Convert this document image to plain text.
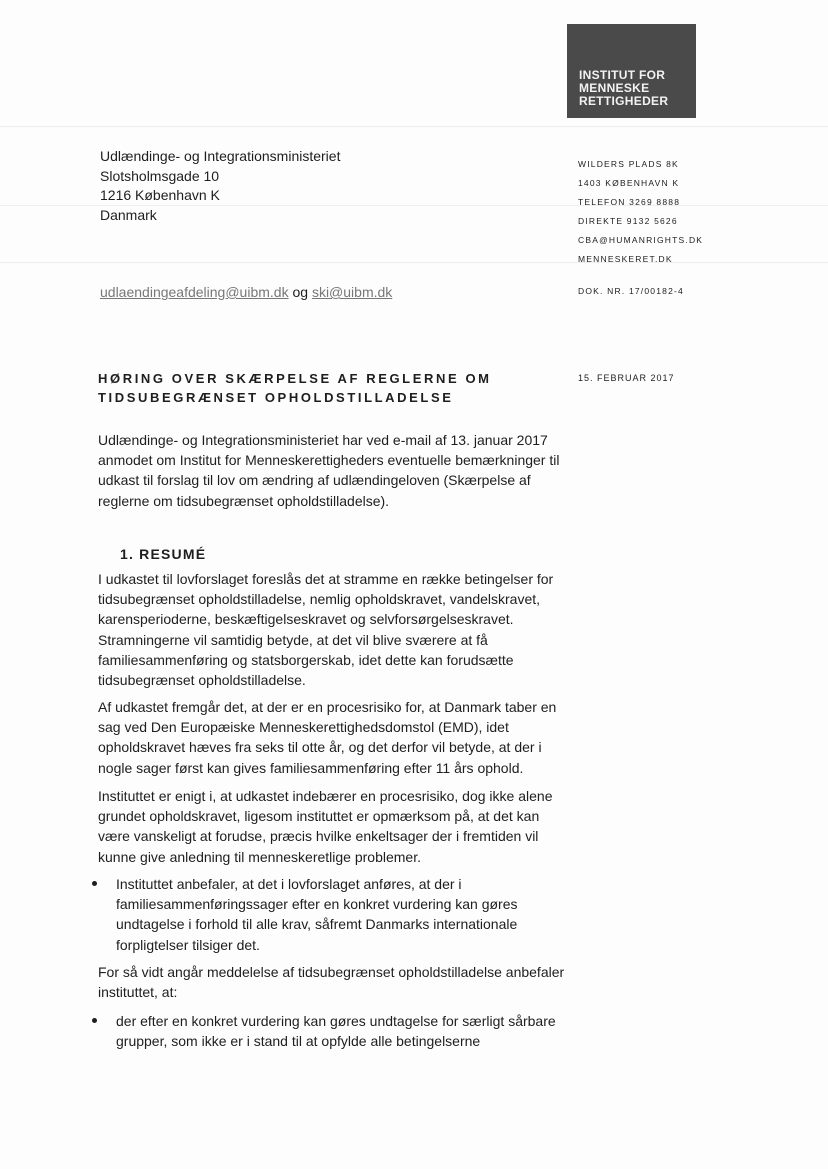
INSTITUT FOR
MENNESKE
RETTIGHEDER
Udlændinge- og Integrationsministeriet
Slotsholmsgade 10
1216 København K
Danmark
WILDERS PLADS 8K
1403 KØBENHAVN K
TELEFON 3269 8888
DIREKTE 9132 5626
CBA@HUMANRIGHTS.DK
MENNESKERET.DK
udlaendingeafdeling@uibm.dk og ski@uibm.dk	DOK. NR. 17/00182-4
HØRING OVER SKÆRPELSE AF REGLERNE OM
TIDSUBEGRÆNSET OPHOLDSTILLADELSE
15. FEBRUAR 2017

Udlændinge- og Integrationsministeriet har ved e-mail af 13. januar 2017 anmodet om Institut for Menneskerettigheders eventuelle bemærkninger til udkast til forslag til lov om ændring af udlændingeloven (Skærpelse af reglerne om tidsubegrænset opholdstilladelse).

1. RESUMÉ

I udkastet til lovforslaget foreslås det at stramme en række betingelser for tidsubegrænset opholdstilladelse, nemlig opholdskravet, vandelskravet, karensperioderne, beskæftigelseskravet og selvforsørgelseskravet. Stramningerne vil samtidig betyde, at det vil blive sværere at få familiesammenføring og statsborgerskab, idet dette kan forudsætte tidsubegrænset opholdstilladelse.

Af udkastet fremgår det, at der er en procesrisiko for, at Danmark taber en sag ved Den Europæiske Menneskerettighedsdomstol (EMD), idet opholdskravet hæves fra seks til otte år, og det derfor vil betyde, at der i nogle sager først kan gives familiesammenføring efter 11 års ophold.

Instituttet er enigt i, at udkastet indebærer en procesrisiko, dog ikke alene grundet opholdskravet, ligesom instituttet er opmærksom på, at det kan være vanskeligt at forudse, præcis hvilke enkeltsager der i fremtiden vil kunne give anledning til menneskeretlige problemer.

Instituttet anbefaler, at det i lovforslaget anføres, at der i familiesammenføringssager efter en konkret vurdering kan gøres undtagelse i forhold til alle krav, såfremt Danmarks internationale forpligtelser tilsiger det.

For så vidt angår meddelelse af tidsubegrænset opholdstilladelse anbefaler instituttet, at:

der efter en konkret vurdering kan gøres undtagelse for særligt sårbare grupper, som ikke er i stand til at opfylde alle betingelserne
